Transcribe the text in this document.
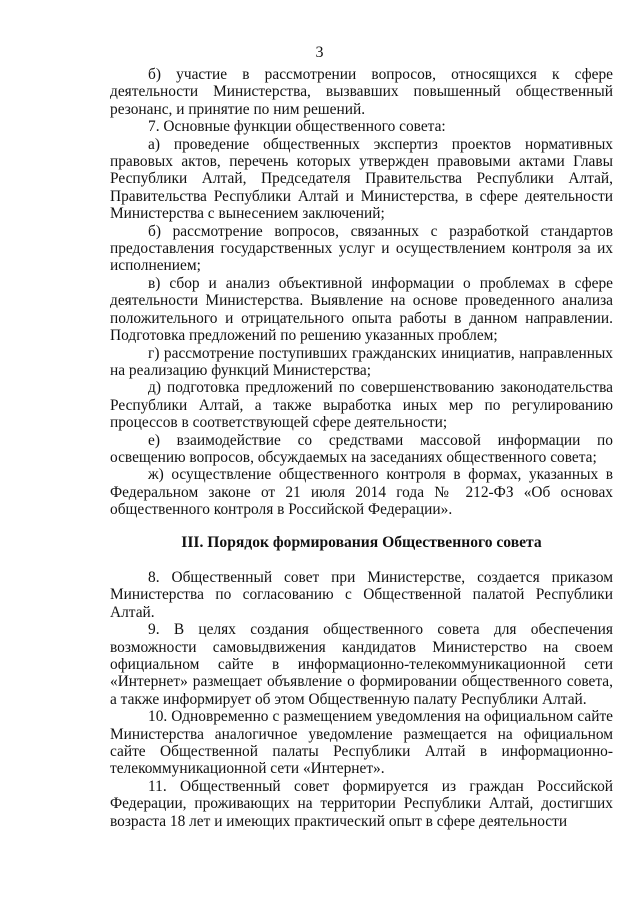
3

б) участие в рассмотрении вопросов, относящихся к сфере деятельности Министерства, вызвавших повышенный общественный резонанс, и принятие по ним решений.

7. Основные функции общественного совета:

а) проведение общественных экспертиз проектов нормативных правовых актов, перечень которых утвержден правовыми актами Главы Республики Алтай, Председателя Правительства Республики Алтай, Правительства Республики Алтай и Министерства, в сфере деятельности Министерства с вынесением заключений;

б) рассмотрение вопросов, связанных с разработкой стандартов предоставления государственных услуг и осуществлением контроля за их исполнением;

в) сбор и анализ объективной информации о проблемах в сфере деятельности Министерства. Выявление на основе проведенного анализа положительного и отрицательного опыта работы в данном направлении. Подготовка предложений по решению указанных проблем;

г) рассмотрение поступивших гражданских инициатив, направленных на реализацию функций Министерства;

д) подготовка предложений по совершенствованию законодательства Республики Алтай, а также выработка иных мер по регулированию процессов в соответствующей сфере деятельности;

е) взаимодействие со средствами массовой информации по освещению вопросов, обсуждаемых на заседаниях общественного совета;

ж) осуществление общественного контроля в формах, указанных в Федеральном законе от 21 июля 2014 года № 212-ФЗ «Об основах общественного контроля в Российской Федерации».

III. Порядок формирования Общественного совета

8. Общественный совет при Министерстве, создается приказом Министерства по согласованию с Общественной палатой Республики Алтай.

9. В целях создания общественного совета для обеспечения возможности самовыдвижения кандидатов Министерство на своем официальном сайте в информационно-телекоммуникационной сети «Интернет» размещает объявление о формировании общественного совета, а также информирует об этом Общественную палату Республики Алтай.

10. Одновременно с размещением уведомления на официальном сайте Министерства аналогичное уведомление размещается на официальном сайте Общественной палаты Республики Алтай в информационно-телекоммуникационной сети «Интернет».

11. Общественный совет формируется из граждан Российской Федерации, проживающих на территории Республики Алтай, достигших возраста 18 лет и имеющих практический опыт в сфере деятельности
